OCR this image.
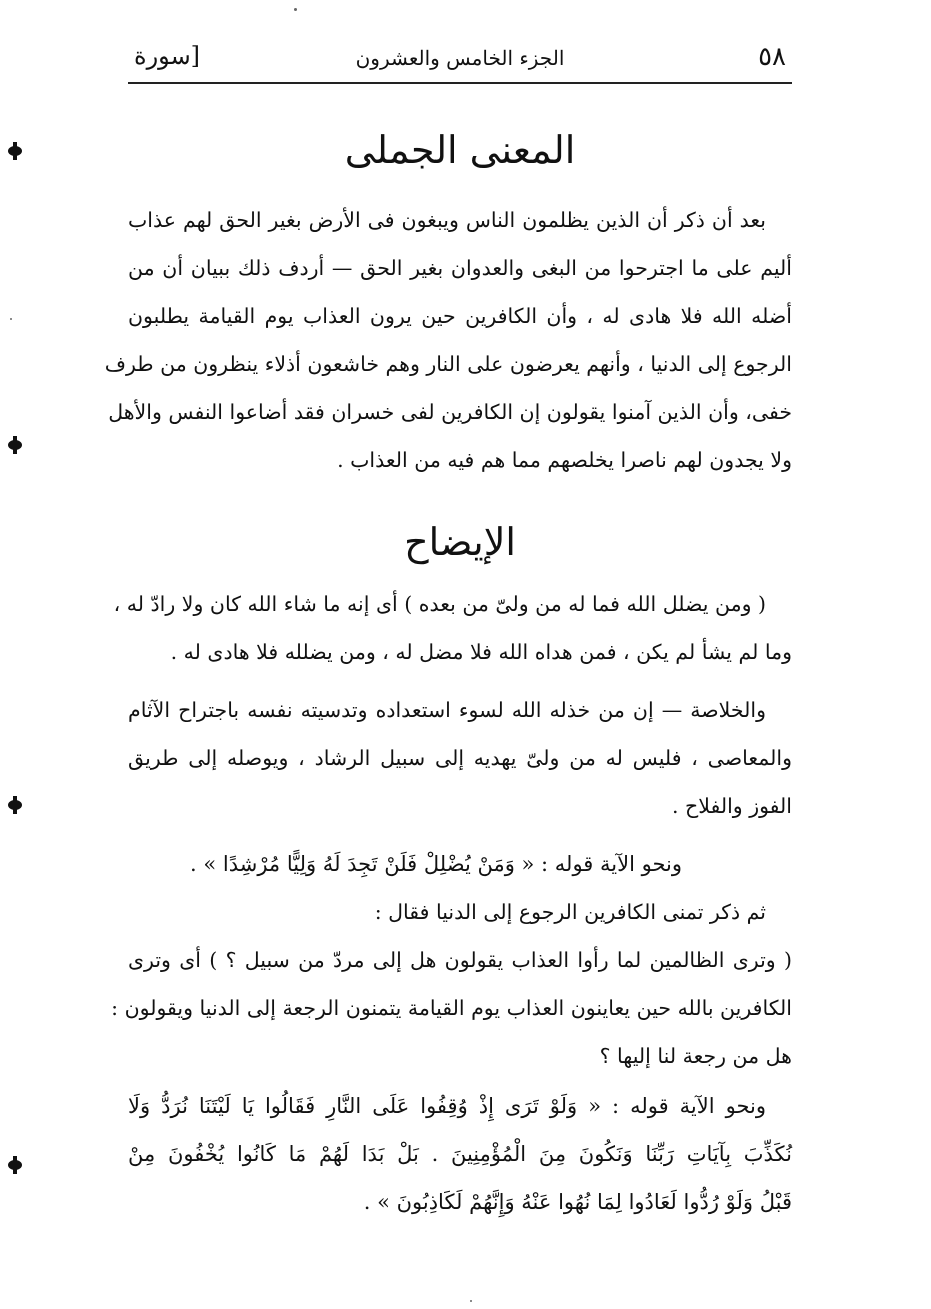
٥٨
الجزء الخامس والعشرون
[سورة
المعنى الجملى
بعد أن ذكر أن الذين يظلمون الناس ويبغون فى الأرض بغير الحق لهم عذاب
أليم على ما اجترحوا من البغى والعدوان بغير الحق — أردف ذلك ببيان أن من
أضله الله فلا هادى له ، وأن الكافرين حين يرون العذاب يوم القيامة يطلبون
الرجوع إلى الدنيا ، وأنهم يعرضون على النار وهم خاشعون أذلاء ينظرون من طرف
خفى، وأن الذين آمنوا يقولون إن الكافرين لفى خسران فقد أضاعوا النفس والأهل
ولا يجدون لهم ناصرا يخلصهم مما هم فيه من العذاب .
الإيضاح
( ومن يضلل الله فما له من ولىّ من بعده ) أى إنه ما شاء الله كان ولا رادّ له ،
وما لم يشأ لم يكن ، فمن هداه الله فلا مضل له ، ومن يضلله فلا هادى له .
والخلاصة — إن من خذله الله لسوء استعداده وتدسيته نفسه باجتراح الآثام
والمعاصى ، فليس له من ولىّ يهديه إلى سبيل الرشاد ، ويوصله إلى طريق
الفوز والفلاح .
ونحو الآية قوله : « وَمَنْ يُضْلِلْ فَلَنْ تَجِدَ لَهُ وَلِيًّا مُرْشِدًا » .
ثم ذكر تمنى الكافرين الرجوع إلى الدنيا فقال :
( وترى الظالمين لما رأوا العذاب يقولون هل إلى مردّ من سبيل ؟ ) أى وترى
الكافرين بالله حين يعاينون العذاب يوم القيامة يتمنون الرجعة إلى الدنيا ويقولون :
هل من رجعة لنا إليها ؟
ونحو الآية قوله : « وَلَوْ تَرَى إِذْ وُقِفُوا عَلَى النَّارِ فَقَالُوا يَا لَيْتَنَا نُرَدُّ وَلَا
نُكَذِّبَ بِآيَاتِ رَبِّنَا وَنَكُونَ مِنَ الْمُؤْمِنِينَ . بَلْ بَدَا لَهُمْ مَا كَانُوا يُخْفُونَ مِنْ
قَبْلُ وَلَوْ رُدُّوا لَعَادُوا لِمَا نُهُوا عَنْهُ وَإِنَّهُمْ لَكَاذِبُونَ » .
